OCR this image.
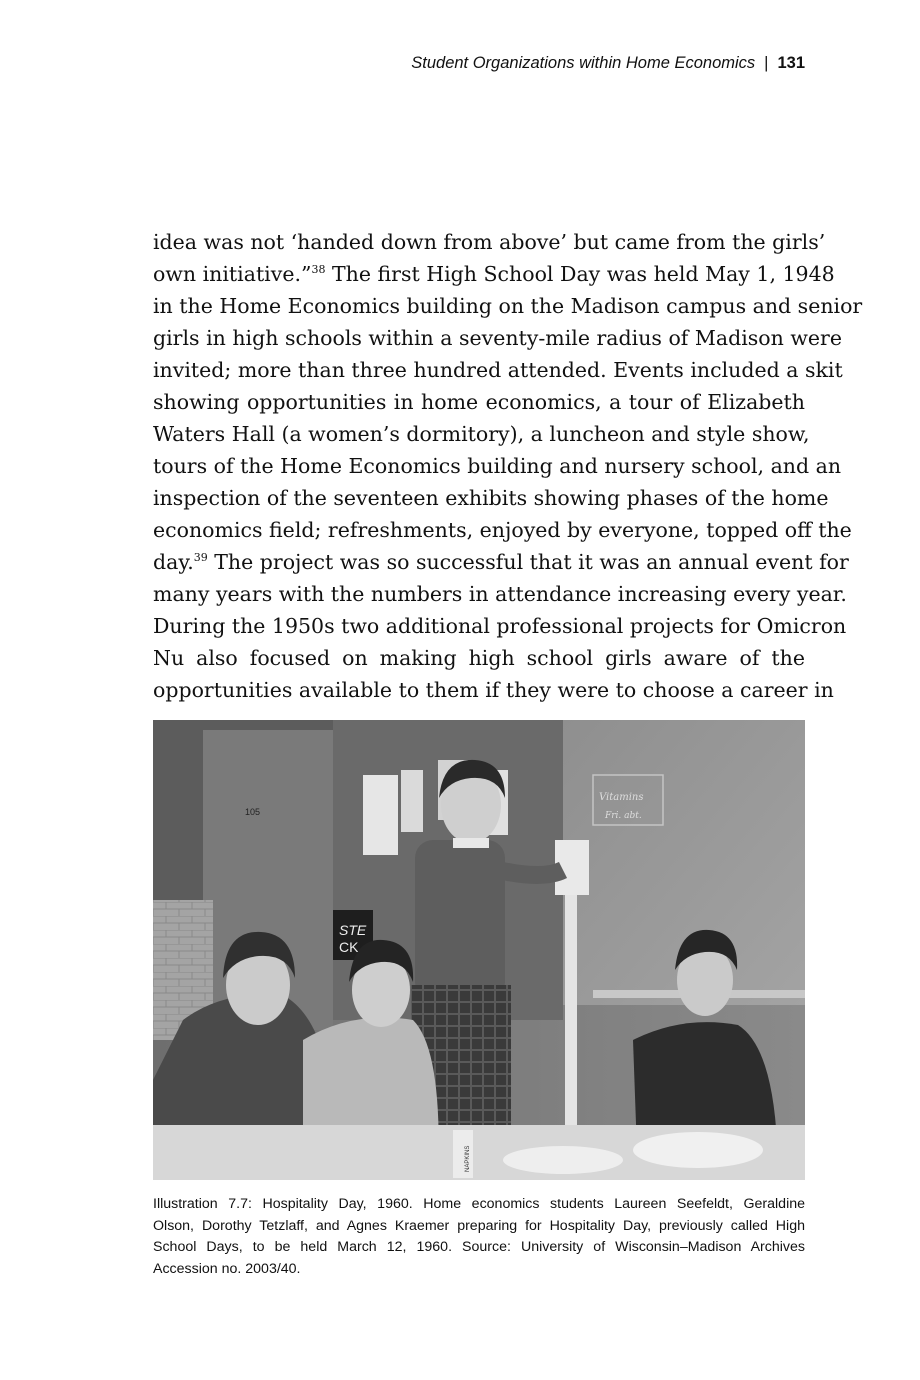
Student Organizations within Home Economics | 131
idea was not ‘handed down from above’ but came from the girls’
own initiative.”$^{38}$ The first High School Day was held May 1, 1948
in the Home Economics building on the Madison campus and senior
girls in high schools within a seventy-mile radius of Madison were
invited; more than three hundred attended. Events included a skit
showing opportunities in home economics, a tour of Elizabeth
Waters Hall (a women’s dormitory), a luncheon and style show,
tours of the Home Economics building and nursery school, and an
inspection of the seventeen exhibits showing phases of the home
economics field; refreshments, enjoyed by everyone, topped off the
day.$^{39}$ The project was so successful that it was an annual event for
many years with the numbers in attendance increasing every year.
During the 1950s two additional professional projects for Omicron
Nu also focused on making high school girls aware of the
opportunities available to them if they were to choose a career in
105
Vitamins
Fri. abt.
STE
CK
NAPKINS
Illustration 7.7: Hospitality Day, 1960. Home economics students Laureen Seefeldt, Geraldine
Olson, Dorothy Tetzlaff, and Agnes Kraemer preparing for Hospitality Day, previously called High
School Days, to be held March 12, 1960. Source: University of Wisconsin–Madison Archives
Accession no. 2003/40.
